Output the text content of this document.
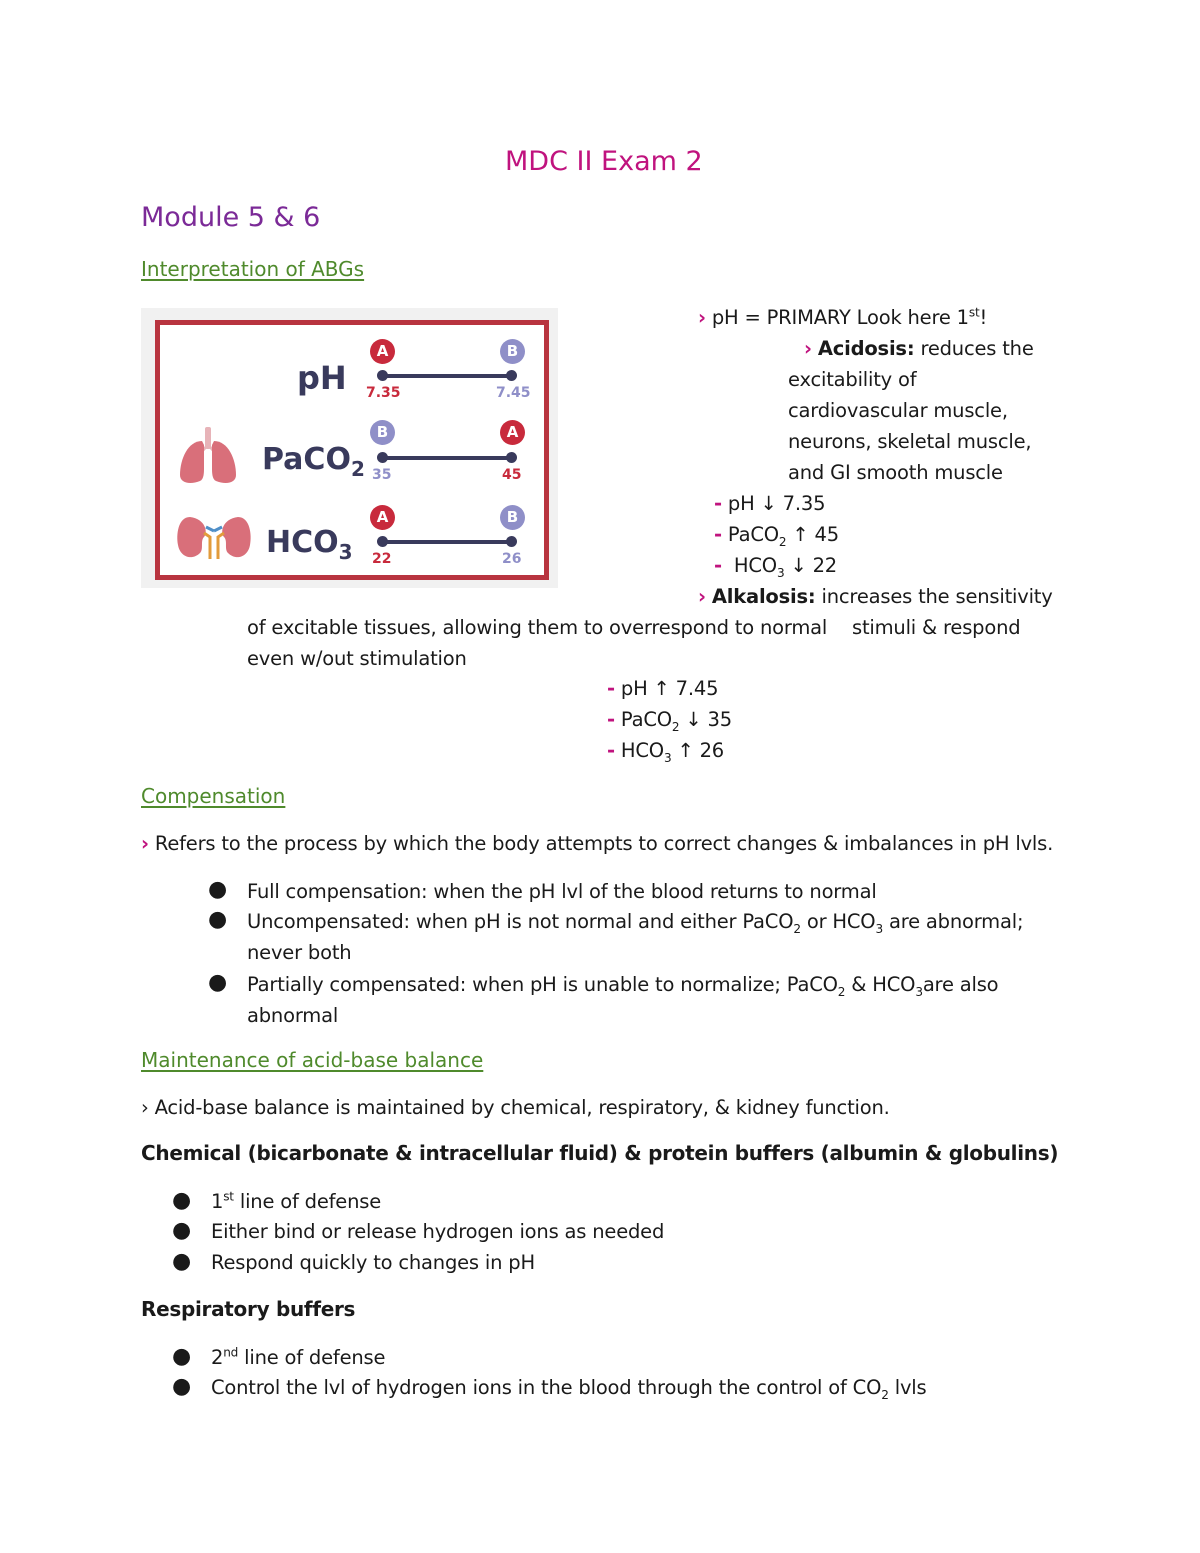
MDC II Exam 2
Module 5 & 6
Interpretation of ABGs
pH
A	B
7.35	7.45
PaCO$_2$
B	A
35	45
$HCO_3$
A	B
22	26
› pH = PRIMARY Look here 1st!
› Acidosis: reduces the
excitability of
cardiovascular muscle,
neurons, skeletal muscle,
and GI smooth muscle
- pH ↓ 7.35
- PaCO$_2$ ↑ 45
- $HCO_3$ ↓ 22
› Alkalosis: increases the sensitivity
of excitable tissues, allowing them to overrespond to normal stimuli & respond
even w/out stimulation
- pH ↑ 7.45
- PaCO$_2$ ↓ 35
- $HCO_3$ ↑ 26
Compensation
› Refers to the process by which the body attempts to correct changes & imbalances in pH lvls.
● Full compensation: when the pH lvl of the blood returns to normal
● Uncompensated: when pH is not normal and either PaCO$_2$ or $HCO_3$ are abnormal;
never both
● Partially compensated: when pH is unable to normalize; PaCO$_2$ & $HCO_3are$ also
abnormal
Maintenance of acid-base balance
› Acid-base balance is maintained by chemical, respiratory, & kidney function.
Chemical (bicarbonate & intracellular fluid) & protein buffers (albumin & globulins)
● 1st line of defense
● Either bind or release hydrogen ions as needed
● Respond quickly to changes in pH
Respiratory buffers
● 2nd line of defense
● Control the lvl of hydrogen ions in the blood through the control of $CO_2$ lvls
